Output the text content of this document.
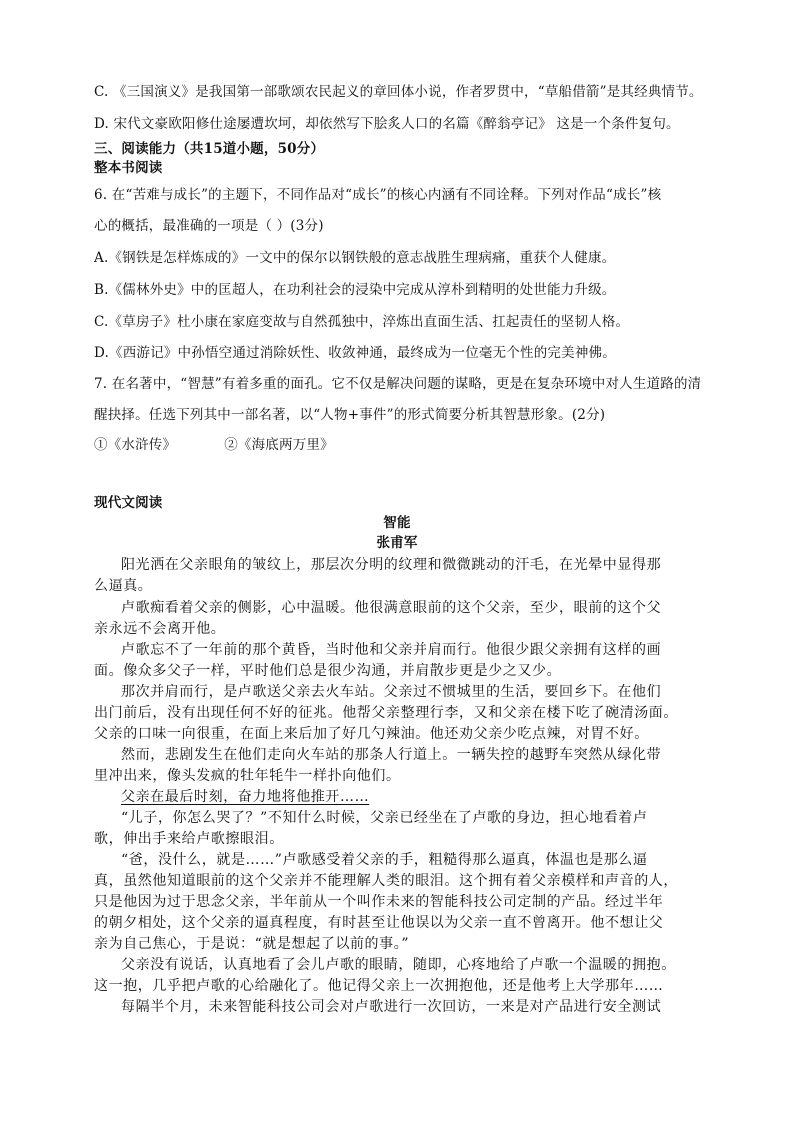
C. 《三国演义》是我国第一部歌颂农民起义的章回体小说，作者罗贯中，“草船借箭”是其经典情节。
D. 宋代文豪欧阳修仕途屡遭坎坷，却依然写下脍炙人口的名篇《醉翁亭记》 这是一个条件复句。
三、阅读能力（共15道小题，50分）
整本书阅读
6. 在“苦难与成长”的主题下，不同作品对“成长”的核心内涵有不同诠释。下列对作品“成长”核
心的概括，最准确的一项是（ ）(3分)
A.《钢铁是怎样炼成的》一文中的保尔以钢铁般的意志战胜生理病痛，重获个人健康。
B.《儒林外史》中的匡超人，在功利社会的浸染中完成从淳朴到精明的处世能力升级。
C.《草房子》杜小康在家庭变故与自然孤独中，淬炼出直面生活、扛起责任的坚韧人格。
D.《西游记》中孙悟空通过消除妖性、收敛神通，最终成为一位毫无个性的完美神佛。
7. 在名著中，“智慧”有着多重的面孔。它不仅是解决问题的谋略，更是在复杂环境中对人生道路的清
醒抉择。任选下列其中一部名著，以“人物+事件”的形式简要分析其智慧形象。(2分)
①《水浒传》	②《海底两万里》
现代文阅读
智能
张甫军
阳光洒在父亲眼角的皱纹上，那层次分明的纹理和微微跳动的汗毛，在光晕中显得那
么逼真。
卢歌痴看着父亲的侧影，心中温暖。他很满意眼前的这个父亲，至少，眼前的这个父
亲永远不会离开他。
卢歌忘不了一年前的那个黄昏，当时他和父亲并肩而行。他很少跟父亲拥有这样的画
面。像众多父子一样，平时他们总是很少沟通，并肩散步更是少之又少。
那次并肩而行，是卢歌送父亲去火车站。父亲过不惯城里的生活，要回乡下。在他们
出门前后，没有出现任何不好的征兆。他帮父亲整理行李，又和父亲在楼下吃了碗清汤面。
父亲的口味一向很重，在面上来后加了好几勺辣油。他还劝父亲少吃点辣，对胃不好。
然而，悲剧发生在他们走向火车站的那条人行道上。一辆失控的越野车突然从绿化带
里冲出来，像头发疯的牡年牦牛一样扑向他们。
父亲在最后时刻，奋力地将他推开……
“儿子，你怎么哭了？”不知什么时候，父亲已经坐在了卢歌的身边，担心地看着卢
歌，伸出手来给卢歌擦眼泪。
“爸，没什么，就是……”卢歌感受着父亲的手，粗糙得那么逼真，体温也是那么逼
真，虽然他知道眼前的这个父亲并不能理解人类的眼泪。这个拥有着父亲模样和声音的人，
只是他因为过于思念父亲，半年前从一个叫作未来的智能科技公司定制的产品。经过半年
的朝夕相处，这个父亲的逼真程度，有时甚至让他误以为父亲一直不曾离开。他不想让父
亲为自己焦心，于是说：“就是想起了以前的事。”
父亲没有说话，认真地看了会儿卢歌的眼睛，随即，心疼地给了卢歌一个温暖的拥抱。
这一抱，几乎把卢歌的心给融化了。他记得父亲上一次拥抱他，还是他考上大学那年……
每隔半个月，未来智能科技公司会对卢歌进行一次回访，一来是对产品进行安全测试
